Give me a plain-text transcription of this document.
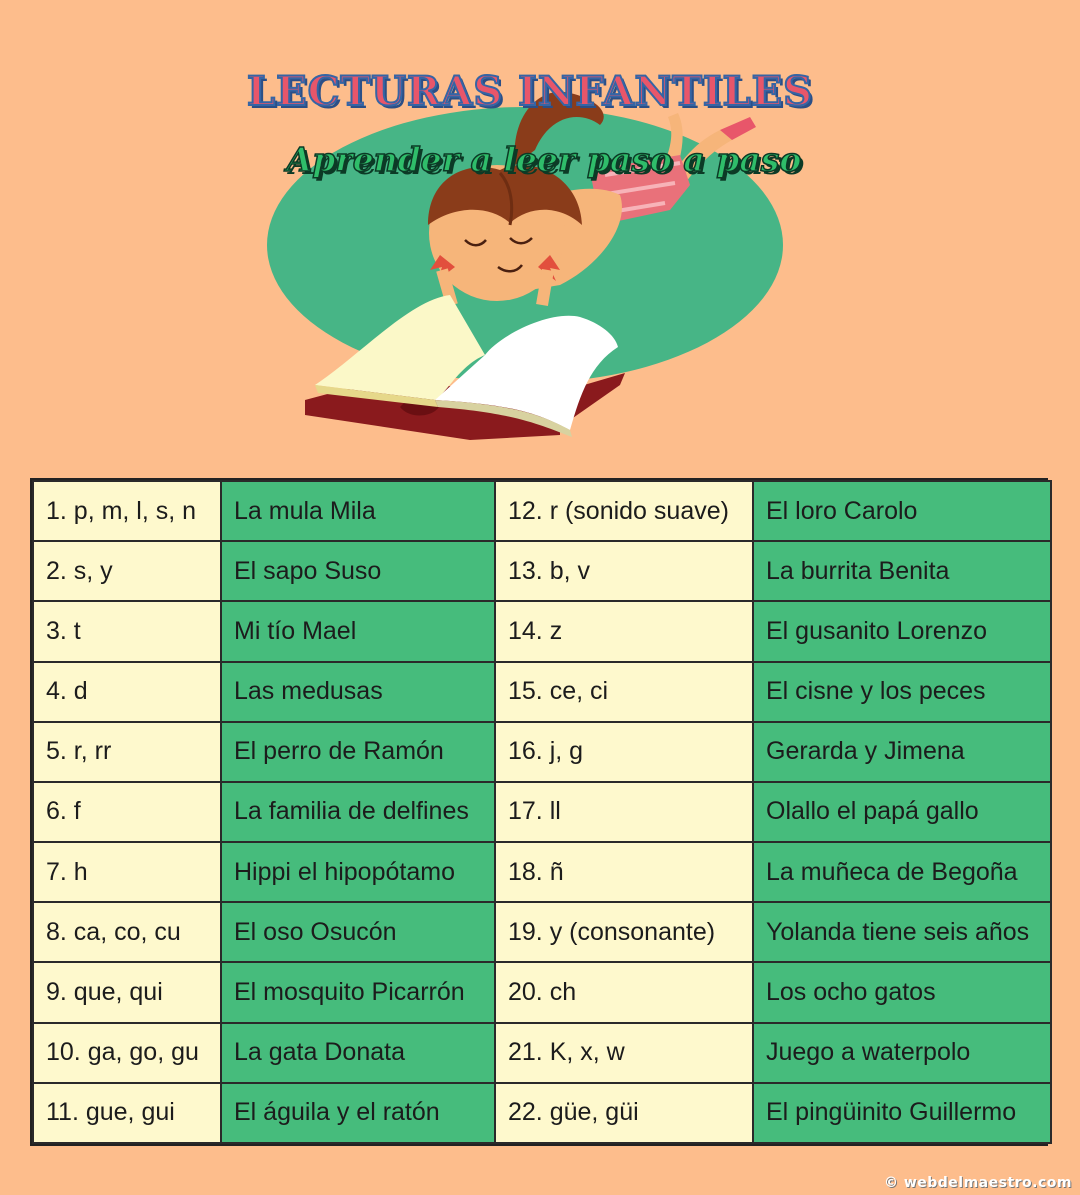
LECTURAS INFANTILES
Aprender a leer paso a paso
1. p, m, l, s, n	La mula Mila	12. r (sonido suave)	El loro Carolo
2. s, y	El sapo Suso	13. b, v	La burrita Benita
3. t	Mi tío Mael	14. z	El gusanito Lorenzo
4. d	Las medusas	15. ce, ci	El cisne y los peces
5. r, rr	El perro de Ramón	16. j, g	Gerarda y Jimena
6. f	La familia de delfines	17. ll	Olallo el papá gallo
7. h	Hippi el hipopótamo	18. ñ	La muñeca de Begoña
8. ca, co, cu	El oso Osucón	19. y (consonante)	Yolanda tiene seis años
9. que, qui	El mosquito Picarrón	20. ch	Los ocho gatos
10. ga, go, gu	La gata Donata	21. K, x, w	Juego a waterpolo
11. gue, gui	El águila y el ratón	22. güe, güi	El pingüinito Guillermo
© webdelmaestro.com
